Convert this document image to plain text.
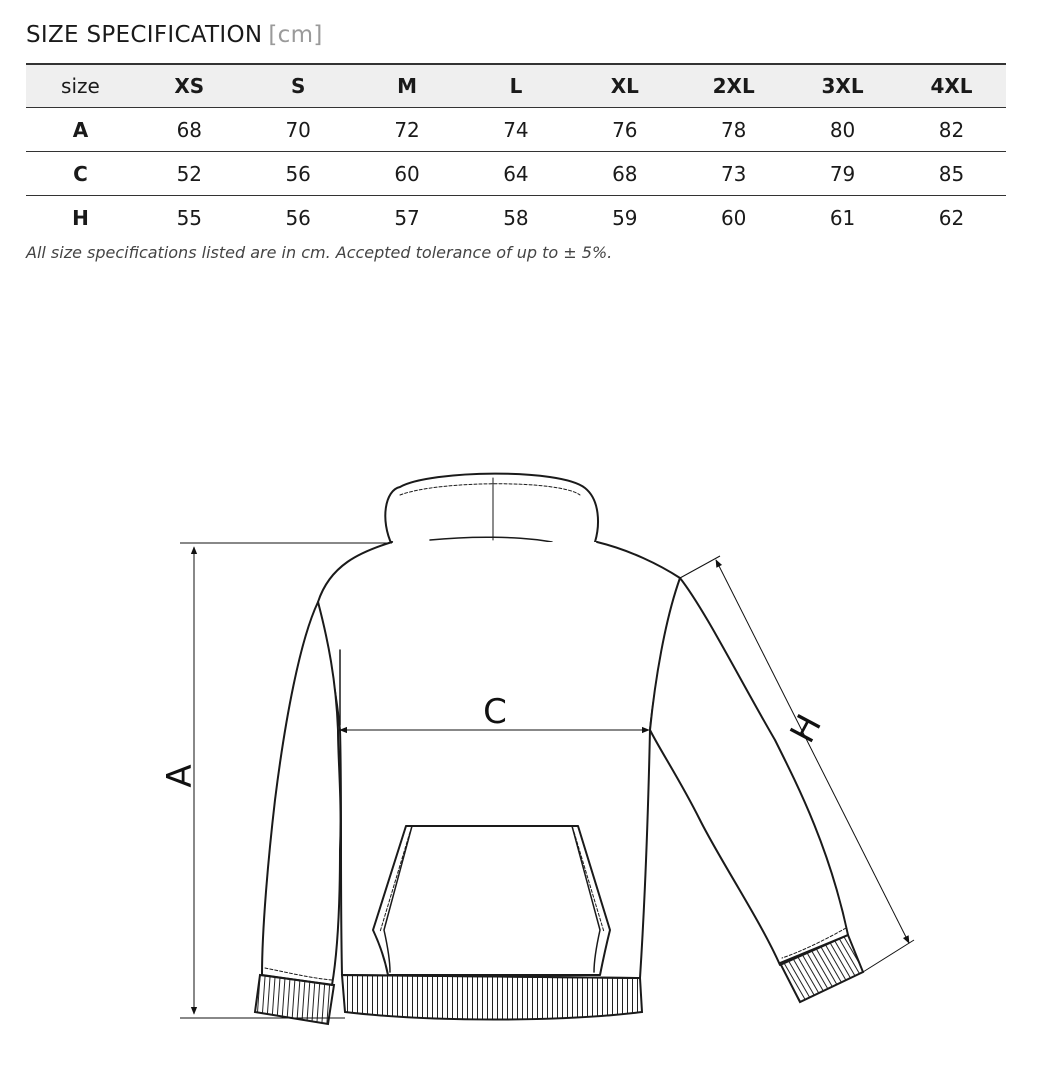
SIZE SPECIFICATION [cm]
size	XS	S	M	L	XL	2XL	3XL	4XL
A	68	70	72	74	76	78	80	82
C	52	56	60	64	68	73	79	85
H	55	56	57	58	59	60	61	62
All size specifications listed are in cm. Accepted tolerance of up to ± 5%.
A
C	H
